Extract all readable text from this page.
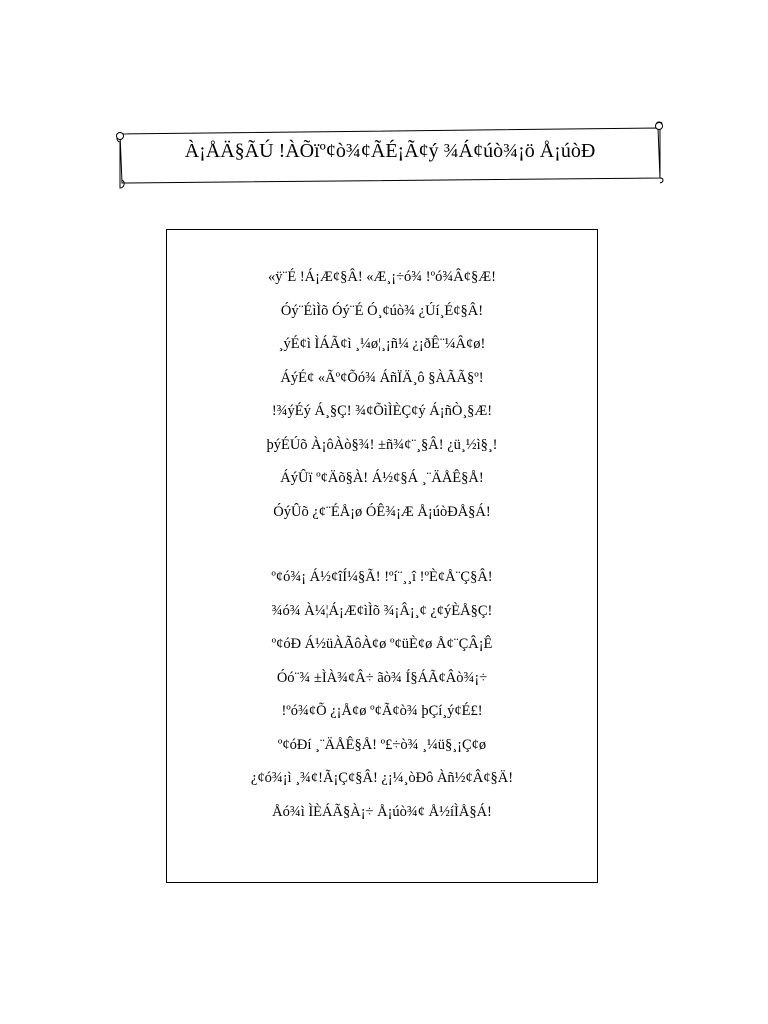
À¡ÅÄ§ÃÚ !ÀÕïº¢ò¾¢ÃÉ¡Ã¢ý ¾Á¢úò¾¡ö Å¡úòÐ
«ÿ¨É !Á¡Æ¢§Â! «Æ¸¡÷ó¾ !ºó¾Â¢§Æ!
Óý¨ÉìÌõ Óý¨É Ó¸¢úò¾ ¿Úí¸É¢§Â!
¸ýÉ¢ì ÌÁÃ¢ì ¸¼ø¦¸¡ñ¼ ¿¡ðÊ¨¼Â¢ø!
ÁýÉ¢ «Ãº¢Õó¾ ÁñÏÄ¸ô §ÀÃÃ§º!
!¾ýÉý Á¸§Ç! ¾¢ÕìÌÈÇ¢ý Á¡ñÒ¸§Æ!
þýÉÚõ À¡ôÀò§¾! ±ñ¾¢¨¸§Â! ¿ü¸½ì§¸!
ÁýÛï º¢Äõ§À! Á½¢§Á ¸¨ÄÅÊ§Å!
ÓýÛõ ¿¢¨ÉÅ¡ø ÓÊ¾¡Æ Å¡úòÐÅ§Á!
º¢ó¾¡ Á½¢îÍ¼§Ã! !ºí¨¸¸î !ºÈ¢Å¨Ç§Â!
¾ó¾ À¼¦Á¡Æ¢ìÌõ ¾¡Â¡¸¢ ¿¢ýÈÅ§Ç!
º¢óÐ Á½üÀÃôÀ¢ø º¢üÈ¢ø Å¢¨ÇÂ¡Ê
Óó¨¾ ±ÌÀ¾¢Â÷ ãò¾ Í§ÁÃ¢Âò¾¡÷
!ºó¾¢Õ ¿¡Å¢ø º¢Ã¢ò¾ þÇí¸ý¢É£!
º¢óÐí ¸¨ÄÅÊ§Å! º£÷ò¾ ¸¼ü§¸¡Ç¢ø
¿¢ó¾¡ì ¸¾¢!Ã¡Ç¢§Â! ¿¡¼¸òÐô Àñ½¢Â¢§Ä!
Åó¾ì ÌÈÁÃ§À¡÷ Å¡úò¾¢ Å½íÌÅ§Á!
